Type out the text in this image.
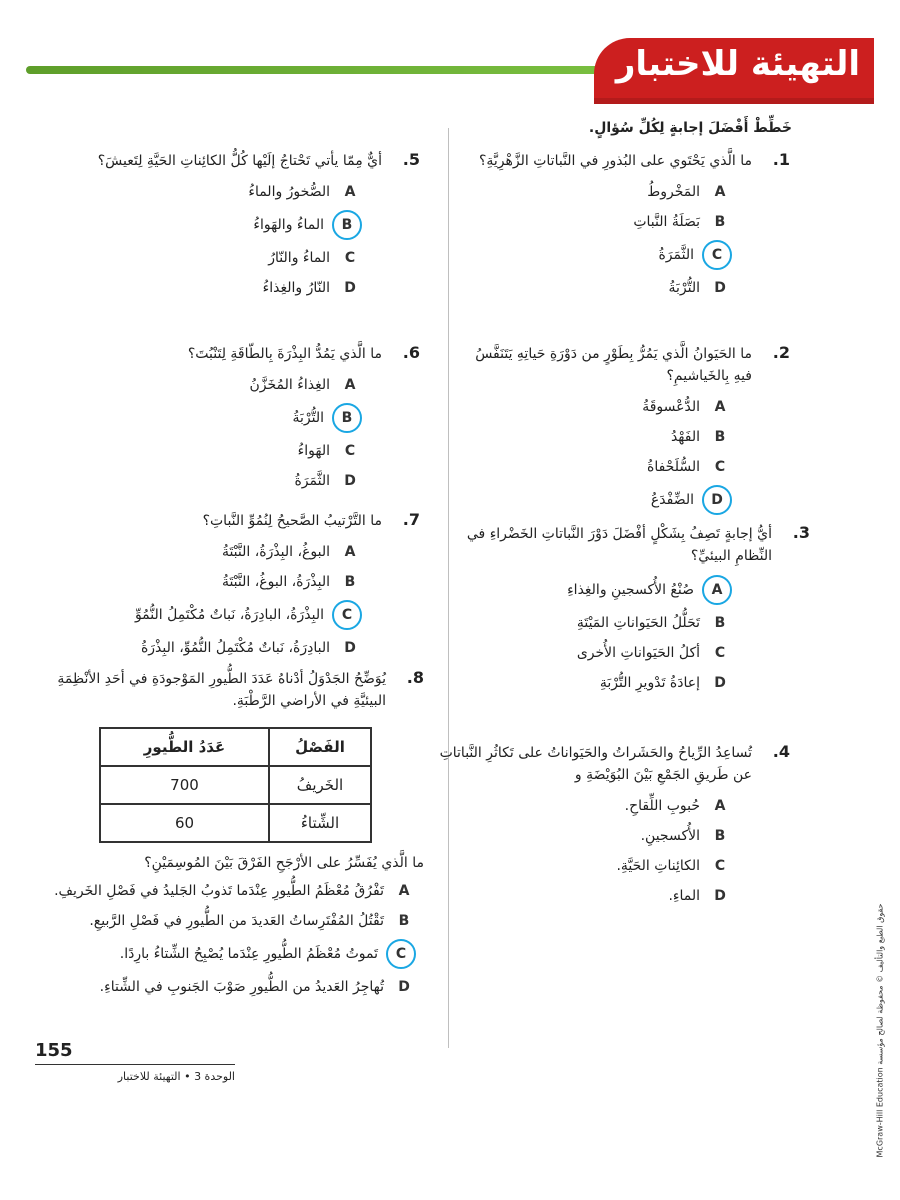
التهيئة للاختبار
خَطِّطْ أَفْضَلَ إجابةٍ لِكُلِّ سُؤالٍ.
1.
ما الَّذي يَحْتَوي على البُذورِ في النَّباتاتِ الزَّهْرِيَّةِ؟
A
المَخْروطُ
B
بَصَلَةُ النَّباتِ
C
الثَّمَرَةُ
D
التُّرْبَةُ
2.
ما الحَيَوانُ الَّذي يَمُرُّ بِطَوْرٍ من دَوْرَةِ حَياتِهِ يَتَنَفَّسُ فيهِ بِالخَياشيمِ؟
A
الدُّعْسوقَةُ
B
الفَهْدُ
C
السُّلَحْفاةُ
D
الضِّفْدَعُ
3.
أيُّ إجابةٍ تَصِفُ بِشَكْلٍ أفْضَلَ دَوْرَ النَّباتاتِ الخَضْراءِ في النِّظامِ البيئيِّ؟
A
صُنْعُ الأُكسجينِ والغِذاءِ
B
تَحَلُّلُ الحَيَواناتِ المَيْتَةِ
C
أكلُ الحَيَواناتِ الأُخرى
D
إعادَةُ تَدْويرِ التُّرْبَةِ
4.
تُساعِدُ الرِّياحُ والحَشَراتُ والحَيَواناتُ على تَكاثُرِ النَّباتاتِ عن طَريقِ الجَمْعِ بَيْنَ البُوَيْضَةِ و
A
حُبوبِ اللِّقاحِ.
B
الأُكسجينِ.
C
الكائِناتِ الحَيَّةِ.
D
الماءِ.
5.
أيٌّ مِمّا يأتي تَحْتاجُ إلَيْها كُلُّ الكائِناتِ الحَيَّةِ لِتَعيشَ؟
A
الصُّخورُ والماءُ
B
الماءُ والهَواءُ
C
الماءُ والنّارُ
D
النّارُ والغِذاءُ
6.
ما الَّذي يَمُدُّ البِذْرَةَ بِالطّاقَةِ لِتَنْبُتَ؟
A
الغِذاءُ المُخَزَّنُ
B
التُّرْبَةُ
C
الهَواءُ
D
الثَّمَرَةُ
7.
ما التَّرْتيبُ الصَّحيحُ لِنُمُوِّ النَّباتِ؟
A
البوغُ، البِذْرَةُ، النَّبْتَةُ
B
البِذْرَةُ، البوغُ، النَّبْتَةُ
C
البِذْرَةُ، البادِرَةُ، نَباتٌ مُكْتَمِلُ النُّمُوِّ
D
البادِرَةُ، نَباتٌ مُكْتَمِلُ النُّمُوِّ، البِذْرَةُ
8.
يُوَضِّحُ الجَدْوَلُ أدْناهُ عَدَدَ الطُّيورِ المَوْجودَةِ في أحَدِ الأنْظِمَةِ البيئيَّةِ في الأراضي الرَّطْبَةِ.
الفَصْلُ	عَدَدُ الطُّيورِ
الخَريفُ	700
الشِّتاءُ	60
ما الَّذي يُفَسِّرُ على الأرْجَحِ الفَرْقَ بَيْنَ المُوسِمَيْنِ؟
A
تَفْرُقُ مُعْظَمُ الطُّيورِ عِنْدَما تَذوبُ الجَليدُ في فَصْلِ الخَريفِ.
B
تَقْتُلُ المُفْتَرِساتُ العَديدَ من الطُّيورِ في فَصْلِ الرَّبيعِ.
C
تَموتُ مُعْظَمُ الطُّيورِ عِنْدَما يُصْبِحُ الشِّتاءُ بارِدًا.
D
تُهاجِرُ العَديدُ من الطُّيورِ صَوْبَ الجَنوبِ في الشِّتاءِ.
155
الوحدة 3 • التهيئة للاختبار	McGraw-Hill Education حقوق الطبع والتأليف © محفوظة لصالح مؤسسة
